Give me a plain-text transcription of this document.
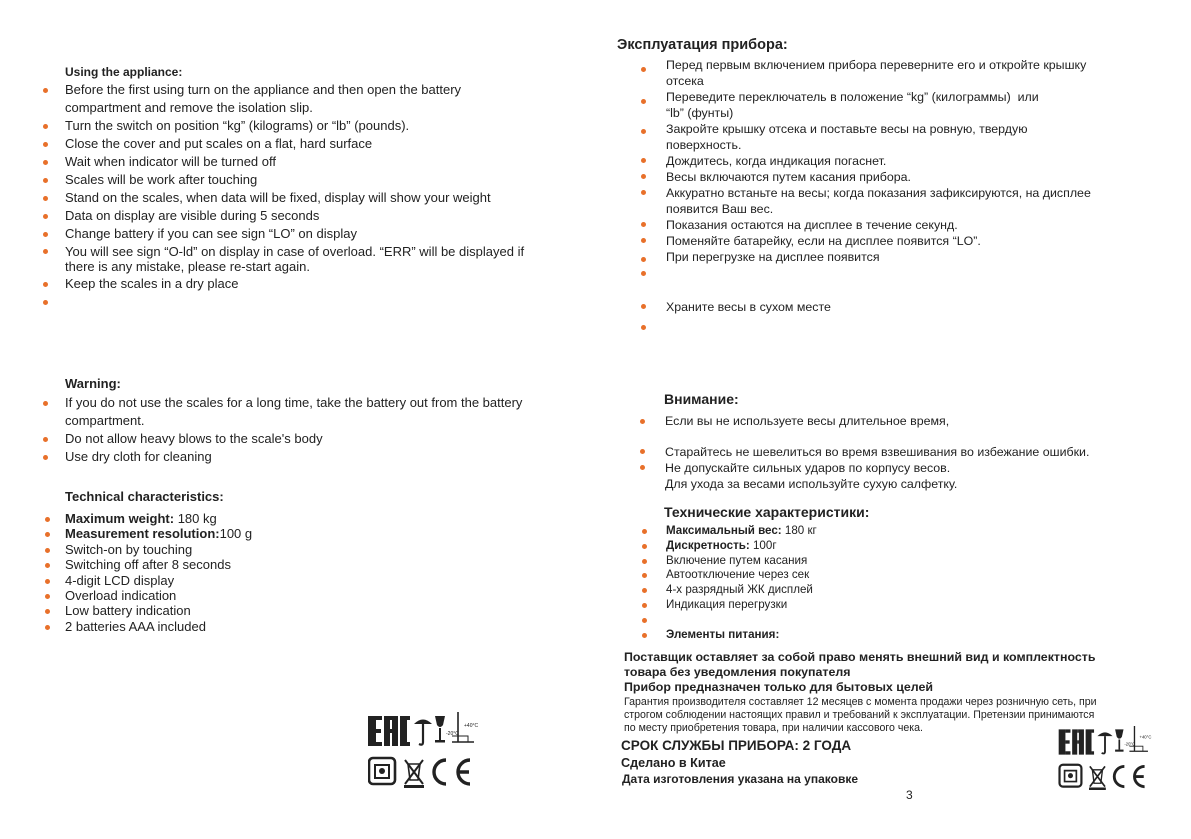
Using the appliance:
Before the first using turn on the appliance and then open the battery
compartment and remove the isolation slip.
Turn the switch on position “kg” (kilograms) or “lb” (pounds).
Close the cover and put scales on a flat, hard surface
Wait when indicator will be turned off
Scales will be work after touching
Stand on the scales, when data will be fixed, display will show your weight
Data on display are visible during 5 seconds
Change battery if you can see sign “LO” on display
You will see sign “O-ld” on display in case of overload. “ERR” will be displayed if
there is any mistake, please re-start again.
Keep the scales in a dry place
Warning:
If you do not use the scales for a long time, take the battery out from the battery
compartment.
Do not allow heavy blows to the scale's body
Use dry cloth for cleaning
Technical characteristics:
Maximum weight: 180 kg
Measurement resolution:100 g
Switch-on by touching
Switching off after 8 seconds
4-digit LCD display
Overload indication
Low battery indication
2 batteries AAA included
+40°C
-20°C
Эксплуатация прибора:
Перед первым включением прибора переверните его и откройте крышку
отсека
Переведите переключатель в положение “kg” (килограммы)  или
“lb” (фунты)
Закройте крышку отсека и поставьте весы на ровную, твердую
поверхность.
Дождитесь, когда индикация погаснет.
Весы включаются путем касания прибора.
Аккуратно встаньте на весы; когда показания зафиксируются, на дисплее
появится Ваш вес.
Показания остаются на дисплее в течение секунд.
Поменяйте батарейку, если на дисплее появится “LO”.
При перегрузке на дисплее появится
Храните весы в сухом месте
Внимание:
Если вы не используете весы длительное время,
Старайтесь не шевелиться во время взвешивания во избежание ошибки.
Не допускайте сильных ударов по корпусу весов.
Для ухода за весами используйте сухую салфетку.
Технические характеристики:
Максимальный вес: 180 кг
Дискретность: 100г
Включение путем касания
Автоотключение через сек
4-х разрядный ЖК дисплей
Индикация перегрузки
Элементы питания:
Поставщик оставляет за собой право менять внешний вид и комплектность
товара без уведомления покупателя
Прибор предназначен только для бытовых целей
Гарантия производителя составляет 12 месяцев с момента продажи через розничную сеть, при
строгом соблюдении настоящих правил и требований к эксплуатации. Претензии принимаются
по месту приобретения товара, при наличии кассового чека.
СРОК СЛУЖБЫ ПРИБОРА: 2 ГОДА
Сделано в Китае
Дата изготовления указана на упаковке
3
+40°C
-20°C
